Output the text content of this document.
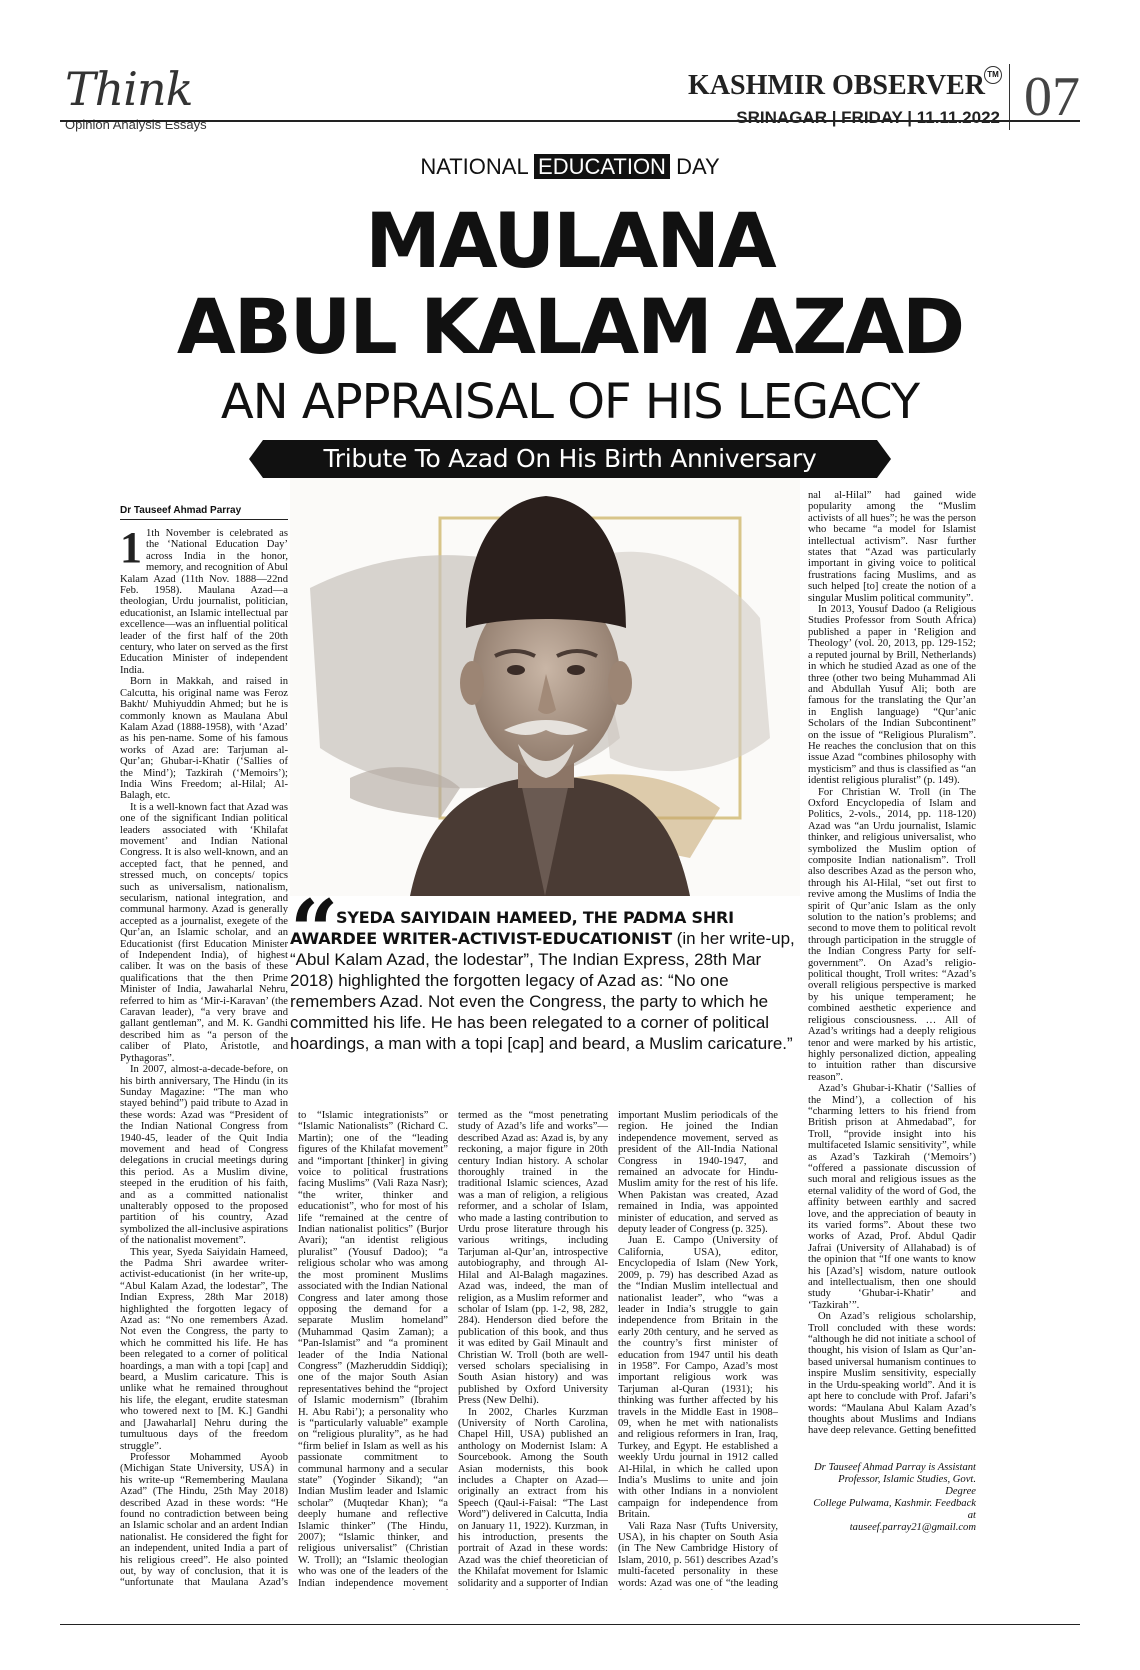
Think
Opinion Analysis Essays
KASHMIR OBSERVER TM
SRINAGAR | FRIDAY | 11.11.2022 07
NATIONAL EDUCATION DAY
MAULANA
ABUL KALAM AZAD
AN APPRAISAL OF HIS LEGACY
Tribute To Azad On His Birth Anniversary
Dr Tauseef Ahmad Parray

1 1th November is celebrated as the ‘National Education Day’ across India in the honor, memory, and recognition of Abul Kalam Azad (11th Nov. 1888—22nd Feb. 1958). Maulana Azad—a theologian, Urdu journalist, politician, educationist, an Islamic intellectual par excellence—was an influential political leader of the first half of the 20th century, who later on served as the first Education Minister of independent India.

Born in Makkah, and raised in Calcutta, his original name was Feroz Bakht/ Muhiyuddin Ahmed; but he is commonly known as Maulana Abul Kalam Azad (1888-1958), with ‘Azad’ as his pen-name. Some of his famous works of Azad are: Tarjuman al-Qur’an; Ghubar-i-Khatir (‘Sallies of the Mind’); Tazkirah (‘Memoirs’); India Wins Freedom; al-Hilal; Al-Balagh, etc.

It is a well-known fact that Azad was one of the significant Indian political leaders associated with ‘Khilafat movement’ and Indian National Congress. It is also well-known, and an accepted fact, that he penned, and stressed much, on concepts/ topics such as universalism, nationalism, secularism, national integration, and communal harmony. Azad is generally accepted as a journalist, exegete of the Qur’an, an Islamic scholar, and an Educationist (first Education Minister of Independent India), of highest caliber. It was on the basis of these qualifications that the then Prime Minister of India, Jawaharlal Nehru, referred to him as ‘Mir-i-Karavan’ (the Caravan leader), “a very brave and gallant gentleman”, and M. K. Gandhi described him as “a person of the caliber of Plato, Aristotle, and Pythagoras”.

In 2007, almost-a-decade-before, on his birth anniversary, The Hindu (in its Sunday Magazine: “The man who stayed behind”) paid tribute to Azad in these words: Azad was “President of the Indian National Congress from 1940-45, leader of the Quit India movement and head of Congress delegations in crucial meetings during this period. As a Muslim divine, steeped in the erudition of his faith, and as a committed nationalist unalterably opposed to the proposed partition of his country, Azad symbolized the all-inclusive aspirations of the nationalist movement”.

This year, Syeda Saiyidain Hameed, the Padma Shri awardee writer-activist-educationist (in her write-up, “Abul Kalam Azad, the lodestar”, The Indian Express, 28th Mar 2018) highlighted the forgotten legacy of Azad as: “No one remembers Azad. Not even the Congress, the party to which he committed his life. He has been relegated to a corner of political hoardings, a man with a topi [cap] and beard, a Muslim caricature. This is unlike what he remained throughout his life, the elegant, erudite statesman who towered next to [M. K.] Gandhi and [Jawaharlal] Nehru during the tumultuous days of the freedom struggle”.

Professor Mohammed Ayoob (Michigan State University, USA) in his write-up “Remembering Maulana Azad” (The Hindu, 25th May 2018) described Azad in these words: “He found no contradiction between being an Islamic scholar and an ardent Indian nationalist. He considered the fight for an independent, united India a part of his religious creed”. He also pointed out, by way of conclusion, that it is “unfortunate that Maulana Azad’s

“
SYEDA SAIYIDAIN HAMEED, THE PADMA SHRI AWARDEE WRITER-ACTIVIST-EDUCATIONIST (in her write-up, “Abul Kalam Azad, the lodestar”, The Indian Express, 28th Mar 2018) highlighted the forgotten legacy of Azad as: “No one remembers Azad. Not even the Congress, the party to which he committed his life. He has been relegated to a corner of political hoardings, a man with a topi [cap] and beard, a Muslim caricature.”

to “Islamic integrationists” or “Islamic Nationalists” (Richard C. Martin); one of the “leading figures of the Khilafat movement” and “important [thinker] in giving voice to political frustrations facing Muslims” (Vali Raza Nasr); “the writer, thinker and educationist”, who for most of his life “remained at the centre of Indian nationalist politics” (Burjor Avari); “an identist religious pluralist” (Yousuf Dadoo); “a religious scholar who was among the most prominent Muslims associated with the Indian National Congress and later among those opposing the demand for a separate Muslim homeland” (Muhammad Qasim Zaman); a “Pan-Islamist” and “a prominent leader of the India National Congress” (Mazheruddin Siddiqi); one of the major South Asian representatives behind the “project of Islamic modernism” (Ibrahim H. Abu Rabi’); a personality who is “particularly valuable” example on “religious plurality”, as he had “firm belief in Islam as well as his passionate commitment to communal harmony and a secular state” (Yoginder Sikand); “an Indian Muslim leader and Islamic scholar” (Muqtedar Khan); “a deeply humane and reflective Islamic thinker” (The Hindu, 2007); “Islamic thinker, and religious universalist” (Christian W. Troll); an “Islamic theologian who was one of the leaders of the Indian independence movement

termed as the “most penetrating study of Azad’s life and works”—described Azad as: Azad is, by any reckoning, a major figure in 20th century Indian history. A scholar thoroughly trained in the traditional Islamic sciences, Azad was a man of religion, a religious reformer, and a scholar of Islam, who made a lasting contribution to Urdu prose literature through his various writings, including Tarjuman al-Qur’an, introspective autobiography, and through Al-Hilal and Al-Balagh magazines. Azad was, indeed, the man of religion, as a Muslim reformer and scholar of Islam (pp. 1-2, 98, 282, 284). Henderson died before the publication of this book, and thus it was edited by Gail Minault and Christian W. Troll (both are well-versed scholars specialising in South Asian history) and was published by Oxford University Press (New Delhi).

In 2002, Charles Kurzman (University of North Carolina, Chapel Hill, USA) published an anthology on Modernist Islam: A Sourcebook. Among the South Asian modernists, this book includes a Chapter on Azad—originally an extract from his Speech (Qaul-i-Faisal: “The Last Word”) delivered in Calcutta, India on January 11, 1922). Kurzman, in his introduction, presents the portrait of Azad in these words: Azad was the chief theoretician of the Khilafat movement for Islamic solidarity and a supporter of Indian

important Muslim periodicals of the region. He joined the Indian independence movement, served as president of the All-India National Congress in 1940-1947, and remained an advocate for Hindu-Muslim amity for the rest of his life. When Pakistan was created, Azad remained in India, was appointed minister of education, and served as deputy leader of Congress (p. 325).

Juan E. Campo (University of California, USA), editor, Encyclopedia of Islam (New York, 2009, p. 79) has described Azad as the “Indian Muslim intellectual and nationalist leader”, who “was a leader in India’s struggle to gain independence from Britain in the early 20th century, and he served as the country’s first minister of education from 1947 until his death in 1958”. For Campo, Azad’s most important religious work was Tarjuman al-Quran (1931); his thinking was further affected by his travels in the Middle East in 1908–09, when he met with nationalists and religious reformers in Iran, Iraq, Turkey, and Egypt. He established a weekly Urdu journal in 1912 called Al-Hilal, in which he called upon India’s Muslims to unite and join with other Indians in a nonviolent campaign for independence from Britain.

Vali Raza Nasr (Tufts University, USA), in his chapter on South Asia (in The New Cambridge History of Islam, 2010, p. 561) describes Azad’s multi-faceted personality in these words: Azad was one of “the leading

nal al-Hilal” had gained wide popularity among the “Muslim activists of all hues”; he was the person who became “a model for Islamist intellectual activism”. Nasr further states that “Azad was particularly important in giving voice to political frustrations facing Muslims, and as such helped [to] create the notion of a singular Muslim political community”.

In 2013, Yousuf Dadoo (a Religious Studies Professor from South Africa) published a paper in ‘Religion and Theology’ (vol. 20, 2013, pp. 129-152; a reputed journal by Brill, Netherlands) in which he studied Azad as one of the three (other two being Muhammad Ali and Abdullah Yusuf Ali; both are famous for the translating the Qur’an in English language) “Qur’anic Scholars of the Indian Subcontinent” on the issue of “Religious Pluralism”. He reaches the conclusion that on this issue Azad “combines philosophy with mysticism” and thus is classified as “an identist religious pluralist” (p. 149).

For Christian W. Troll (in The Oxford Encyclopedia of Islam and Politics, 2-vols., 2014, pp. 118-120) Azad was “an Urdu journalist, Islamic thinker, and religious universalist, who symbolized the Muslim option of composite Indian nationalism”. Troll also describes Azad as the person who, through his Al-Hilal, “set out first to revive among the Muslims of India the spirit of Qur’anic Islam as the only solution to the nation’s problems; and second to move them to political revolt through participation in the struggle of the Indian Congress Party for self-government”. On Azad’s religio-political thought, Troll writes: “Azad’s overall religious perspective is marked by his unique temperament; he combined aesthetic experience and religious consciousness. … All of Azad’s writings had a deeply religious tenor and were marked by his artistic, highly personalized diction, appealing to intuition rather than discursive reason”.

Azad’s Ghubar-i-Khatir (‘Sallies of the Mind’), a collection of his “charming letters to his friend from British prison at Ahmedabad”, for Troll, “provide insight into his multifaceted Islamic sensitivity”, while as Azad’s Tazkirah (‘Memoirs’) “offered a passionate discussion of such moral and religious issues as the eternal validity of the word of God, the affinity between earthly and sacred love, and the appreciation of beauty in its varied forms”. About these two works of Azad, Prof. Abdul Qadir Jafrai (University of Allahabad) is of the opinion that “If one wants to know his [Azad’s] wisdom, nature outlook and intellectualism, then one should study ‘Ghubar-i-Khatir’ and ‘Tazkirah’”.

On Azad’s religious scholarship, Troll concluded with these words: “although he did not initiate a school of thought, his vision of Islam as Qur’an-based universal humanism continues to inspire Muslim sensitivity, especially in the Urdu-speaking world”. And it is apt here to conclude with Prof. Jafari’s words: “Maulana Abul Kalam Azad’s thoughts about Muslims and Indians have deep relevance. Getting benefitted

Dr Tauseef Ahmad Parray is Assistant
Professor, Islamic Studies, Govt. Degree
College Pulwama, Kashmir. Feedback at
tauseef.parray21@gmail.com
